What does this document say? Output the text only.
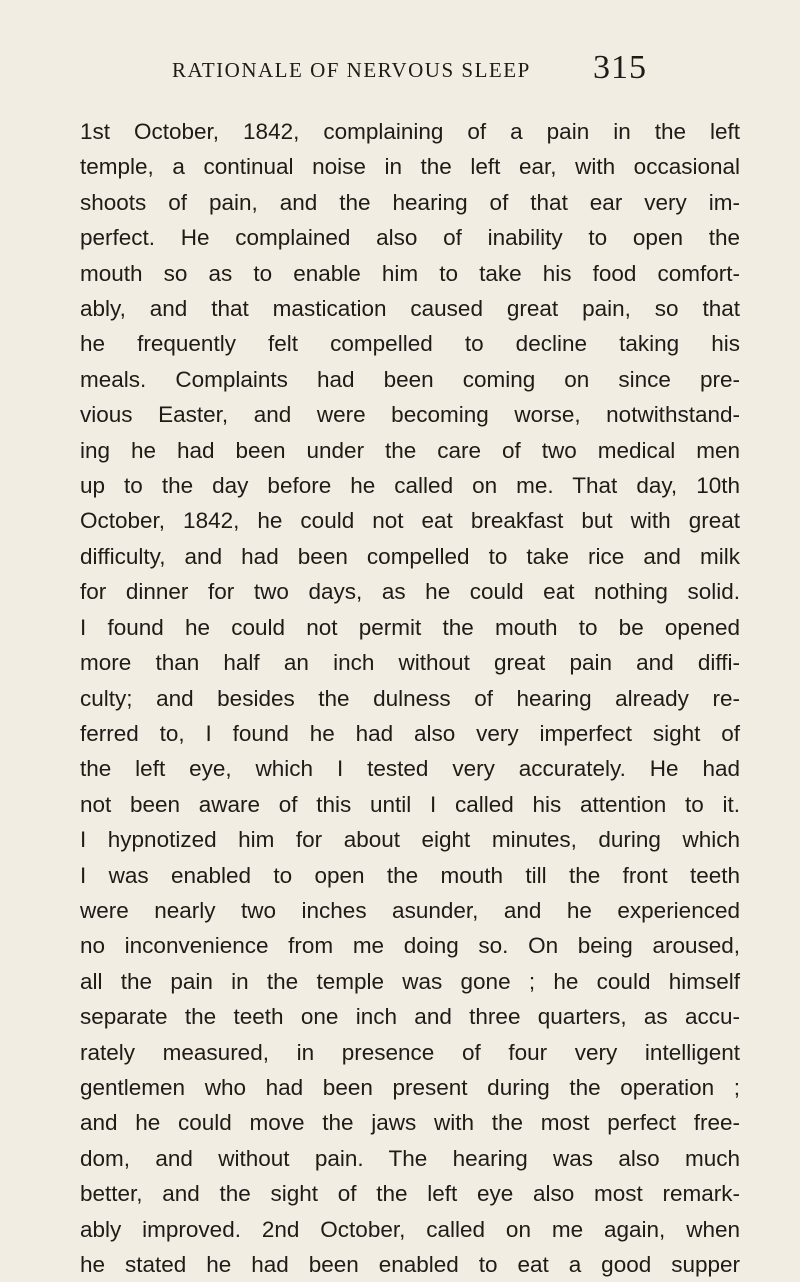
RATIONALE OF NERVOUS SLEEP 315
1st October, 1842, complaining of a pain in the left
temple, a continual noise in the left ear, with occasional
shoots of pain, and the hearing of that ear very im-
perfect. He complained also of inability to open the
mouth so as to enable him to take his food comfort-
ably, and that mastication caused great pain, so that
he frequently felt compelled to decline taking his
meals. Complaints had been coming on since pre-
vious Easter, and were becoming worse, notwithstand-
ing he had been under the care of two medical men
up to the day before he called on me. That day, 10th
October, 1842, he could not eat breakfast but with great
difficulty, and had been compelled to take rice and milk
for dinner for two days, as he could eat nothing solid.
I found he could not permit the mouth to be opened
more than half an inch without great pain and diffi-
culty; and besides the dulness of hearing already re-
ferred to, I found he had also very imperfect sight of
the left eye, which I tested very accurately. He had
not been aware of this until I called his attention to it.
I hypnotized him for about eight minutes, during which
I was enabled to open the mouth till the front teeth
were nearly two inches asunder, and he experienced
no inconvenience from me doing so. On being aroused,
all the pain in the temple was gone ; he could himself
separate the teeth one inch and three quarters, as accu-
rately measured, in presence of four very intelligent
gentlemen who had been present during the operation ;
and he could move the jaws with the most perfect free-
dom, and without pain. The hearing was also much
better, and the sight of the left eye also most remark-
ably improved. 2nd October, called on me again, when
he stated he had been enabled to eat a good supper
